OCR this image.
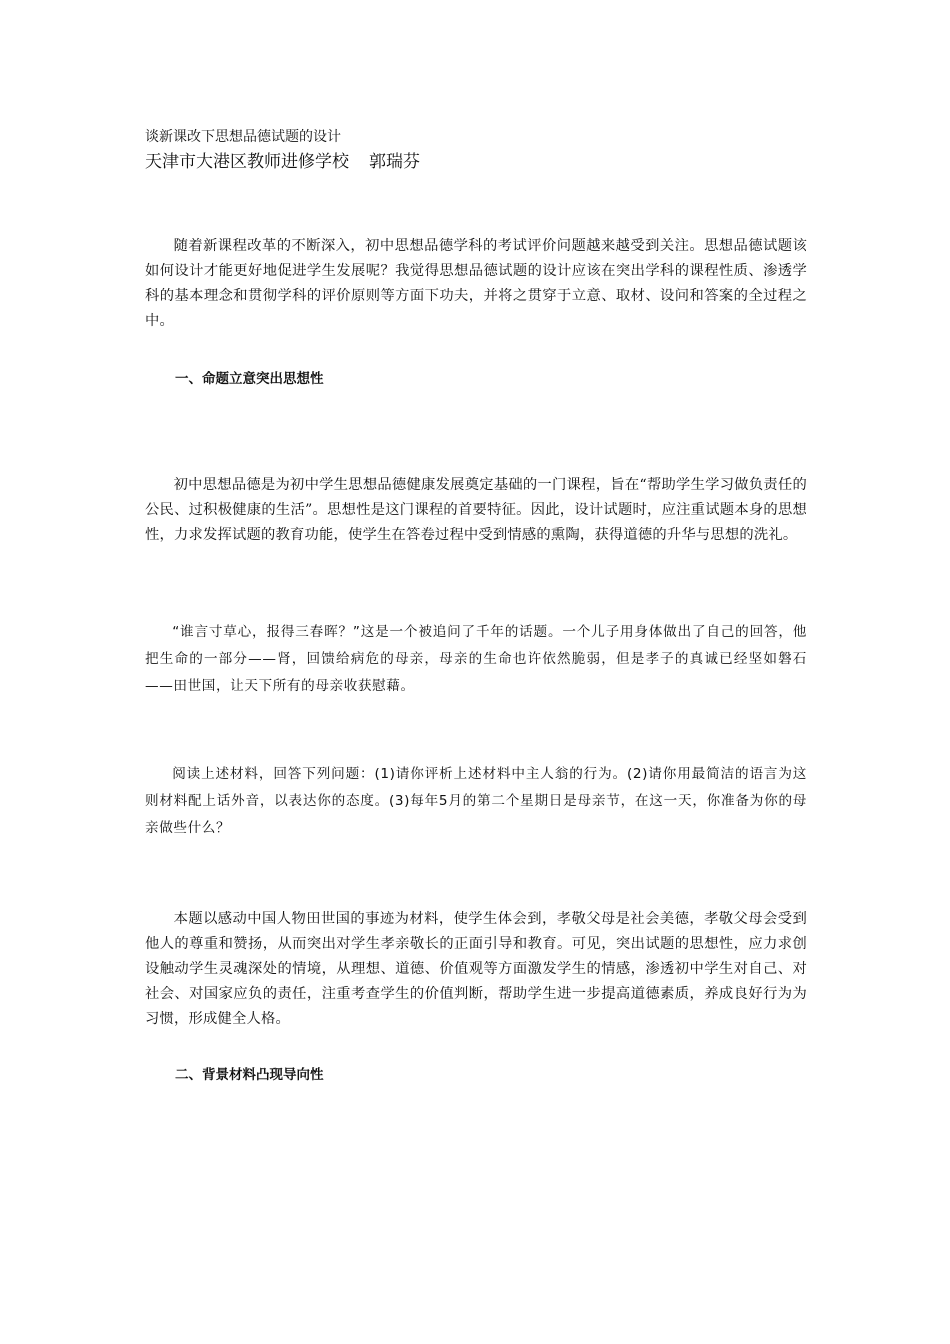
谈新课改下思想品德试题的设计
天津市大港区教师进修学校 郭瑞芬

随着新课程改革的不断深入，初中思想品德学科的考试评价问题越来越受到关注。思想品德试题该如何设计才能更好地促进学生发展呢？我觉得思想品德试题的设计应该在突出学科的课程性质、渗透学科的基本理念和贯彻学科的评价原则等方面下功夫，并将之贯穿于立意、取材、设问和答案的全过程之中。

一、命题立意突出思想性

初中思想品德是为初中学生思想品德健康发展奠定基础的一门课程，旨在“帮助学生学习做负责任的公民、过积极健康的生活”。思想性是这门课程的首要特征。因此，设计试题时，应注重试题本身的思想性，力求发挥试题的教育功能，使学生在答卷过程中受到情感的熏陶，获得道德的升华与思想的洗礼。

“谁言寸草心，报得三春晖？”这是一个被追问了千年的话题。一个儿子用身体做出了自己的回答，他把生命的一部分——肾，回馈给病危的母亲，母亲的生命也许依然脆弱，但是孝子的真诚已经坚如磐石——田世国，让天下所有的母亲收获慰藉。

阅读上述材料，回答下列问题：(1)请你评析上述材料中主人翁的行为。(2)请你用最简洁的语言为这则材料配上话外音，以表达你的态度。(3)每年5月的第二个星期日是母亲节，在这一天，你准备为你的母亲做些什么？

本题以感动中国人物田世国的事迹为材料，使学生体会到，孝敬父母是社会美德，孝敬父母会受到他人的尊重和赞扬，从而突出对学生孝亲敬长的正面引导和教育。可见，突出试题的思想性，应力求创设触动学生灵魂深处的情境，从理想、道德、价值观等方面激发学生的情感，渗透初中学生对自己、对社会、对国家应负的责任，注重考查学生的价值判断，帮助学生进一步提高道德素质，养成良好行为为习惯，形成健全人格。

二、背景材料凸现导向性
